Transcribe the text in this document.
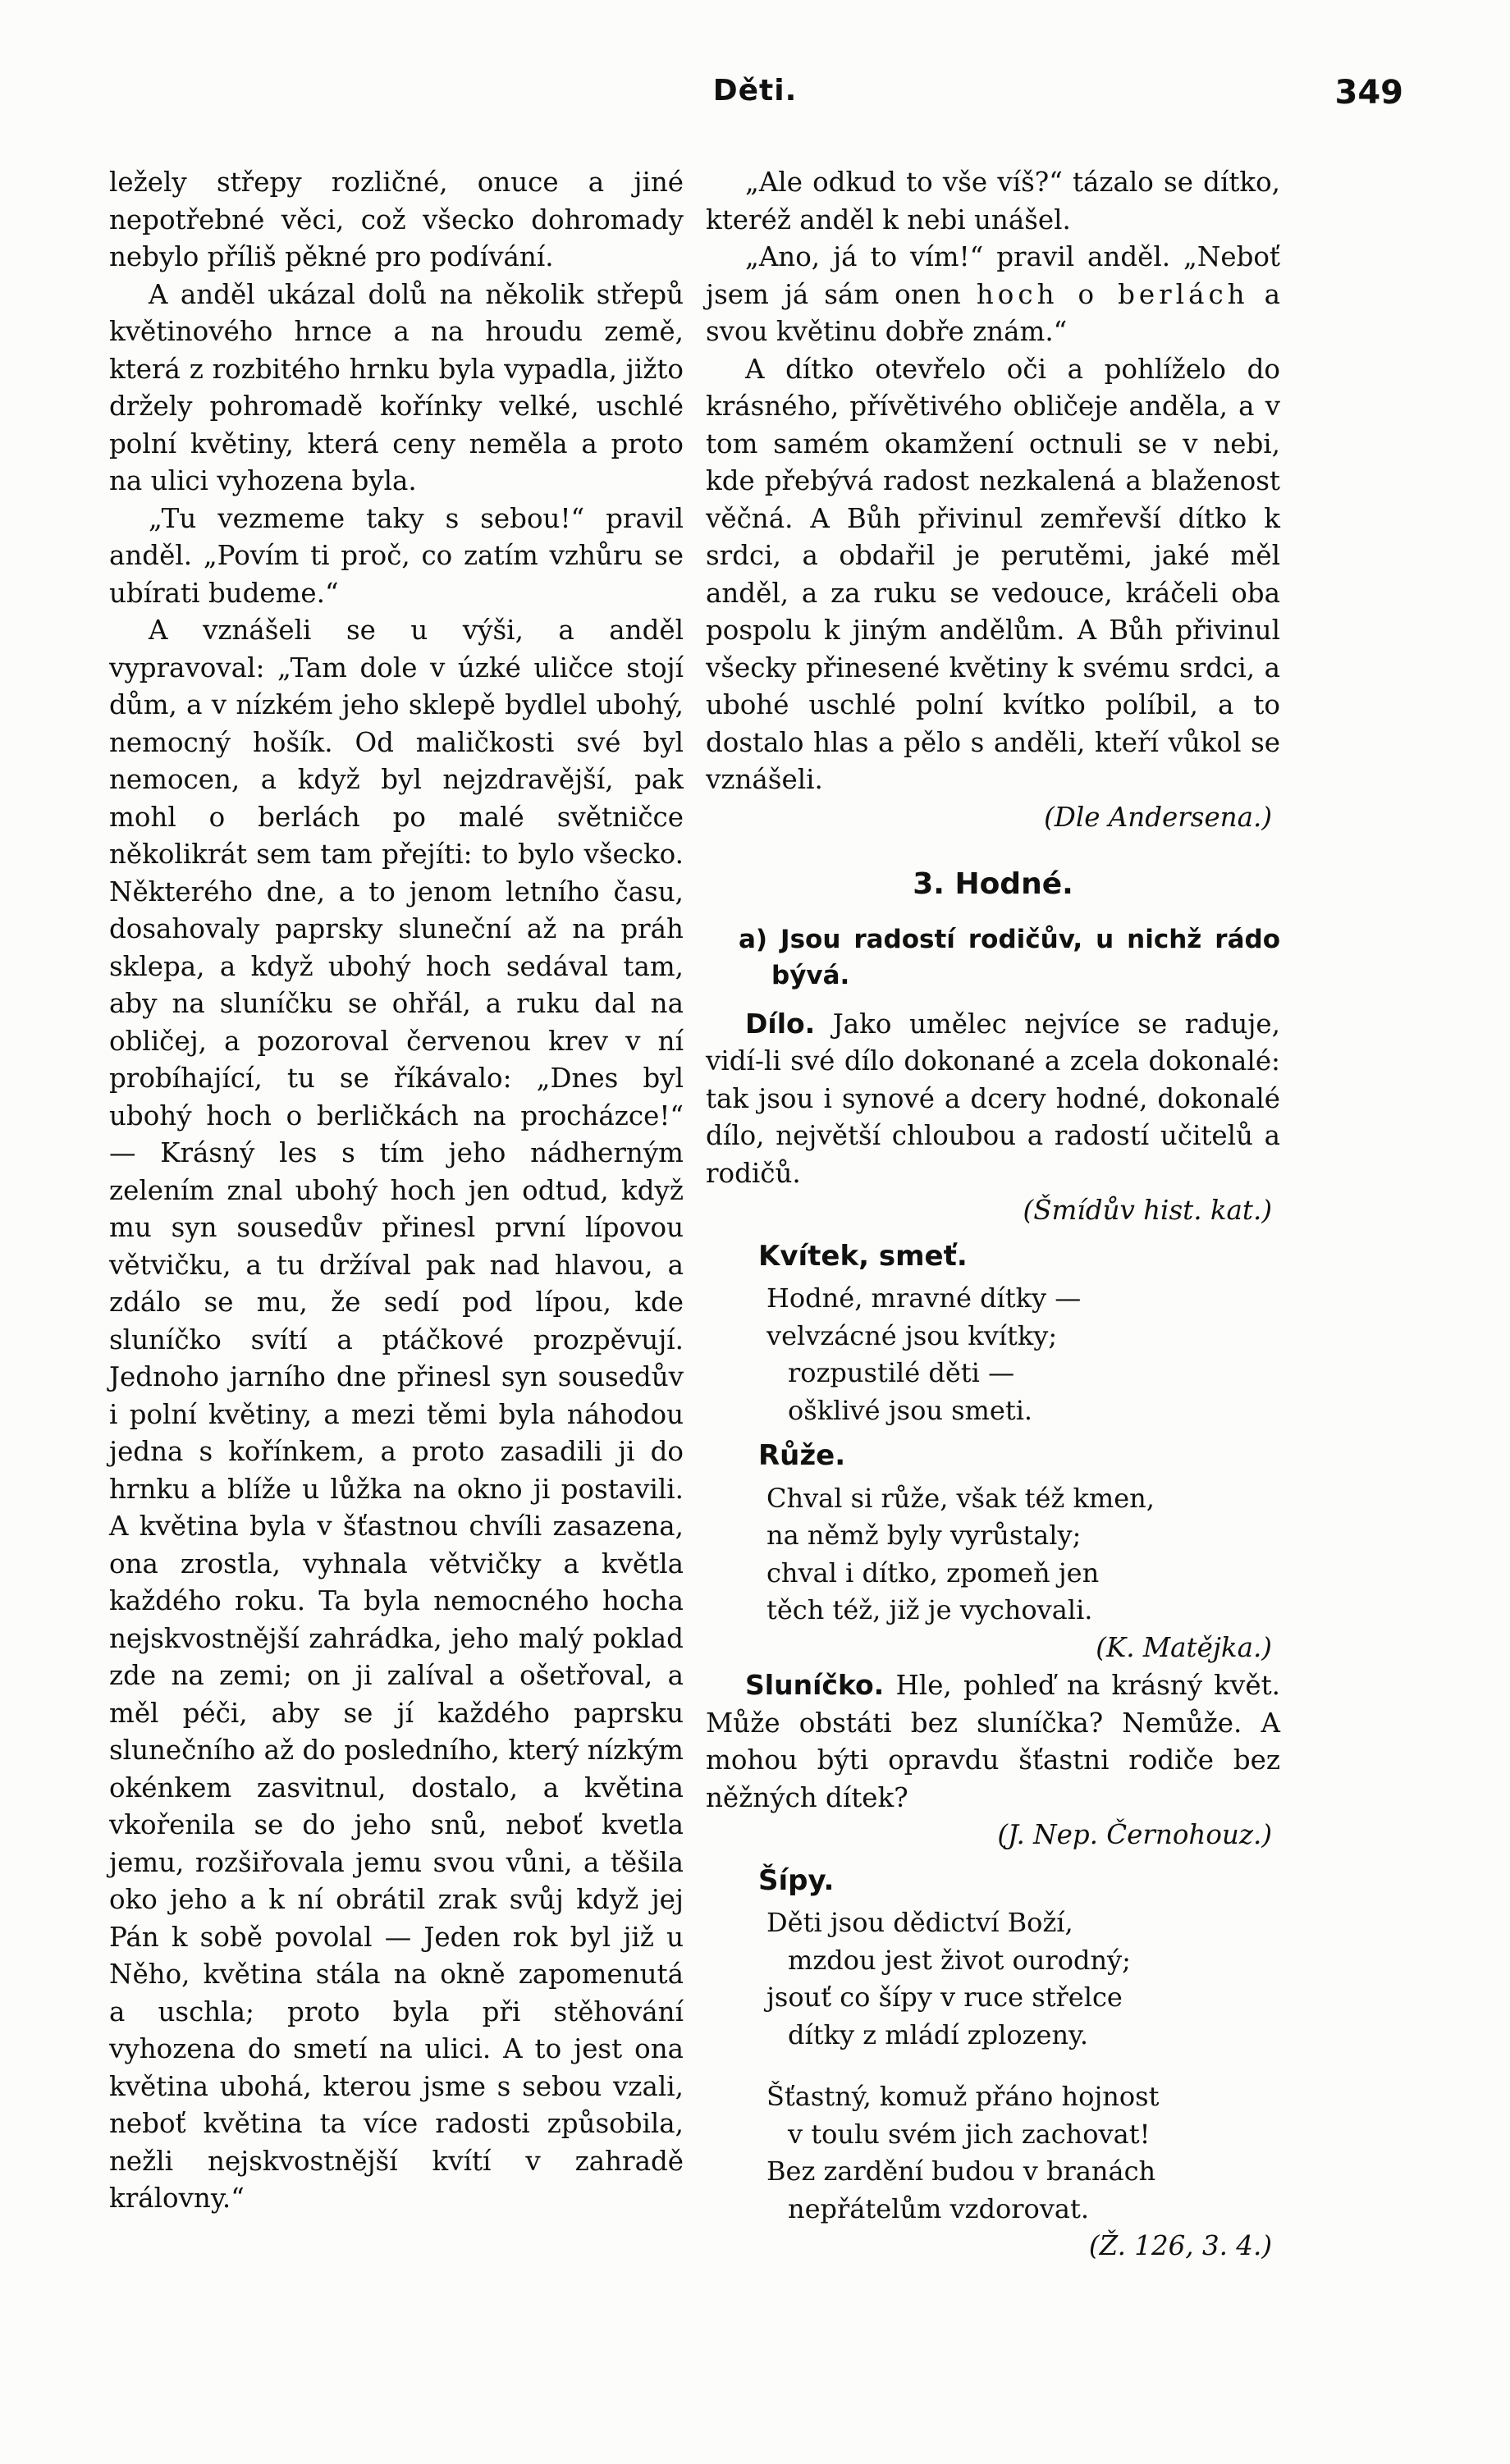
Děti.	349

ležely střepy rozličné, onuce a jiné nepotřebné věci, což všecko dohromady nebylo příliš pěkné pro podívání.

A anděl ukázal dolů na několik střepů květinového hrnce a na hroudu země, která z rozbitého hrnku byla vypadla, jižto držely pohromadě kořínky velké, uschlé polní květiny, která ceny neměla a proto na ulici vyhozena byla.

„Tu vezmeme taky s sebou!“ pravil anděl. „Povím ti proč, co zatím vzhůru se ubírati budeme.“

A vznášeli se u výši, a anděl vypravoval: „Tam dole v úzké uličce stojí dům, a v nízkém jeho sklepě bydlel ubohý, nemocný hošík. Od maličkosti své byl nemocen, a když byl nejzdravější, pak mohl o berlách po malé světničce několikrát sem tam přejíti: to bylo všecko. Některého dne, a to jenom letního času, dosahovaly paprsky sluneční až na práh sklepa, a když ubohý hoch sedával tam, aby na sluníčku se ohřál, a ruku dal na obličej, a pozoroval červenou krev v ní probíhající, tu se říkávalo: „Dnes byl ubohý hoch o berličkách na procházce!“ — Krásný les s tím jeho nádherným zelením znal ubohý hoch jen odtud, když mu syn sousedův přinesl první lípovou větvičku, a tu držíval pak nad hlavou, a zdálo se mu, že sedí pod lípou, kde sluníčko svítí a ptáčkové prozpěvují. Jednoho jarního dne přinesl syn sousedův i polní květiny, a mezi těmi byla náhodou jedna s kořínkem, a proto zasadili ji do hrnku a blíže u lůžka na okno ji postavili. A květina byla v šťastnou chvíli zasazena, ona zrostla, vyhnala větvičky a květla každého roku. Ta byla nemocného hocha nejskvostnější zahrádka, jeho malý poklad zde na zemi; on ji zalíval a ošetřoval, a měl péči, aby se jí každého paprsku slunečního až do posledního, který nízkým okénkem zasvitnul, dostalo, a květina vkořenila se do jeho snů, neboť kvetla jemu, rozšiřovala jemu svou vůni, a těšila oko jeho a k ní obrátil zrak svůj když jej Pán k sobě povolal — Jeden rok byl již u Něho, květina stála na okně zapomenutá a uschla; proto byla při stěhování vyhozena do smetí na ulici. A to jest ona květina ubohá, kterou jsme s sebou vzali, neboť květina ta více radosti způsobila, nežli nejskvostnější kvítí v zahradě královny.“

„Ale odkud to vše víš?“ tázalo se dítko, kteréž anděl k nebi unášel.

„Ano, já to vím!“ pravil anděl. „Neboť jsem já sám onen hoch o berlách a svou květinu dobře znám.“

A dítko otevřelo oči a pohlíželo do krásného, přívětivého obličeje anděla, a v tom samém okamžení octnuli se v nebi, kde přebývá radost nezkalená a blaženost věčná. A Bůh přivinul zemřevší dítko k srdci, a obdařil je perutěmi, jaké měl anděl, a za ruku se vedouce, kráčeli oba pospolu k jiným andělům. A Bůh přivinul všecky přinesené květiny k svému srdci, a ubohé uschlé polní kvítko políbil, a to dostalo hlas a pělo s anděli, kteří vůkol se vznášeli.

(Dle Andersena.)
3. Hodné.
a) Jsou radostí rodičův, u nichž rádo bývá.

Dílo. Jako umělec nejvíce se raduje, vidí-li své dílo dokonané a zcela dokonalé: tak jsou i synové a dcery hodné, dokonalé dílo, největší chloubou a radostí učitelů a rodičů.

(Šmídův hist. kat.)
Kvítek, smeť.
Hodné, mravné dítky —
velvzácné jsou kvítky;
rozpustilé děti —
ošklivé jsou smeti.
Růže.
Chval si růže, však též kmen,
na němž byly vyrůstaly;
chval i dítko, zpomeň jen
těch též, již je vychovali.
(K. Matějka.)

Sluníčko. Hle, pohleď na krásný květ. Může obstáti bez sluníčka? Nemůže. A mohou býti opravdu šťastni rodiče bez něžných dítek?

(J. Nep. Černohouz.)
Šípy.
Děti jsou dědictví Boží,
mzdou jest život ourodný;
jsouť co šípy v ruce střelce
dítky z mládí zplozeny.
Šťastný, komuž přáno hojnost
v toulu svém jich zachovat!
Bez zardění budou v branách
nepřátelům vzdorovat.
(Ž. 126, 3. 4.)
